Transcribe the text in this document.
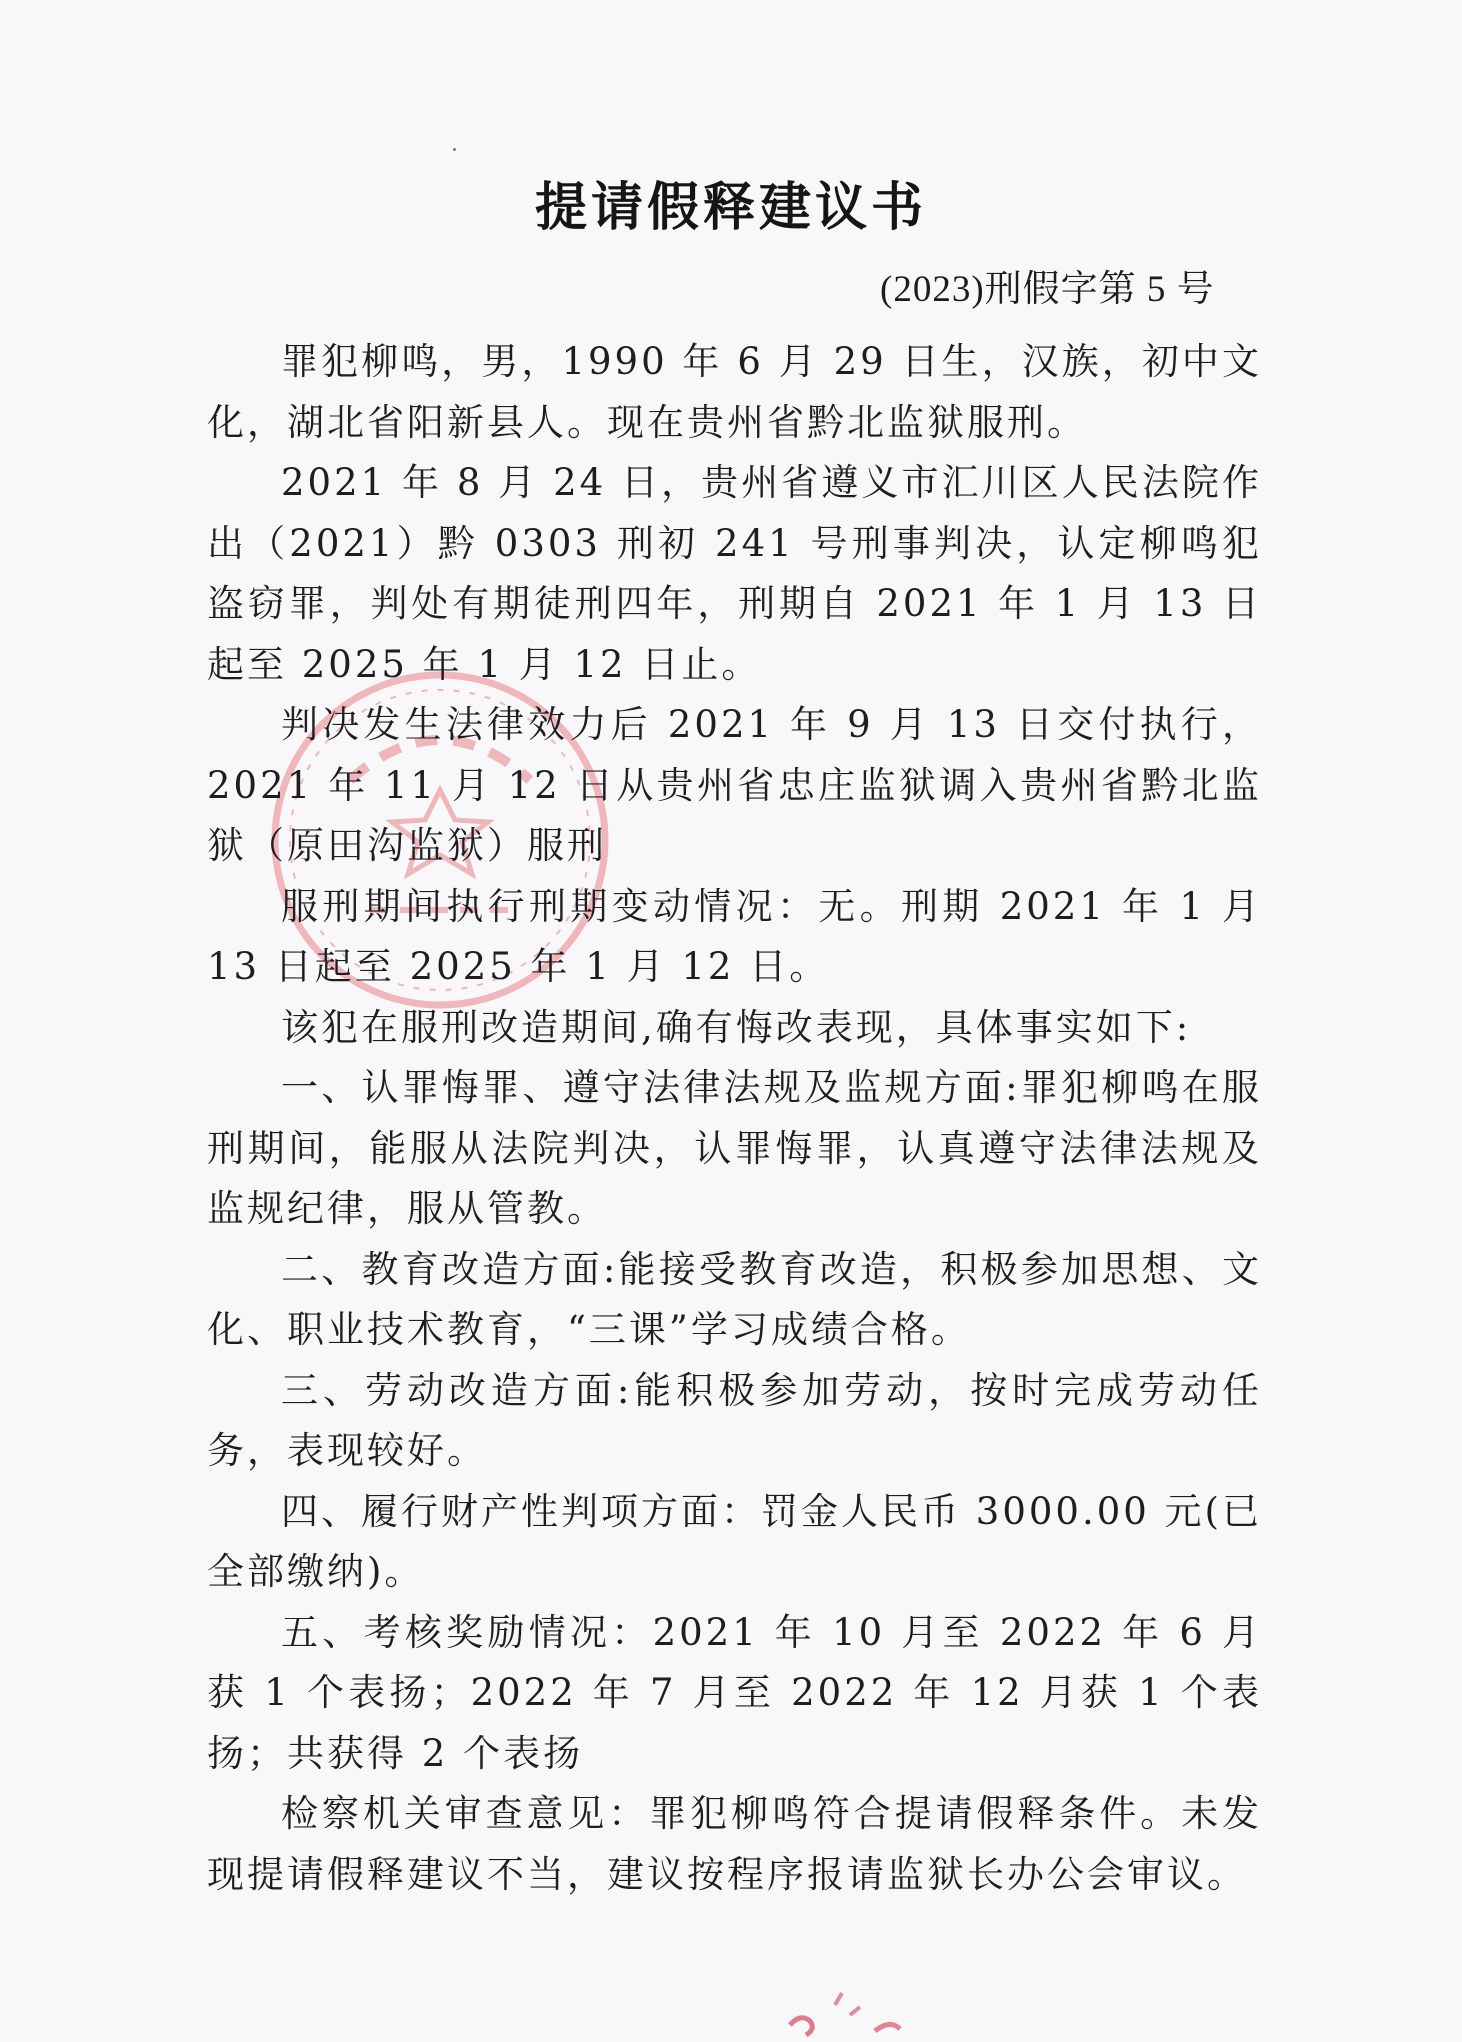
提请假释建议书
(2023)刑假字第 5 号

罪犯柳鸣，男，1990 年 6 月 29 日生，汉族，初中文化，湖北省阳新县人。现在贵州省黔北监狱服刑。

2021 年 8 月 24 日，贵州省遵义市汇川区人民法院作出（2021）黔 0303 刑初 241 号刑事判决，认定柳鸣犯盗窃罪，判处有期徒刑四年，刑期自 2021 年 1 月 13 日起至 2025 年 1 月 12 日止。

判决发生法律效力后 2021 年 9 月 13 日交付执行，2021 年 11 月 12 日从贵州省忠庄监狱调入贵州省黔北监狱（原田沟监狱）服刑

服刑期间执行刑期变动情况：无。刑期 2021 年 1 月 13 日起至 2025 年 1 月 12 日。

该犯在服刑改造期间,确有悔改表现，具体事实如下:

一、认罪悔罪、遵守法律法规及监规方面:罪犯柳鸣在服刑期间，能服从法院判决，认罪悔罪，认真遵守法律法规及监规纪律，服从管教。

二、教育改造方面:能接受教育改造，积极参加思想、文化、职业技术教育，“三课”学习成绩合格。

三、劳动改造方面:能积极参加劳动，按时完成劳动任务，表现较好。

四、履行财产性判项方面：罚金人民币 3000.00 元(已全部缴纳)。

五、考核奖励情况：2021 年 10 月至 2022 年 6 月获 1 个表扬；2022 年 7 月至 2022 年 12 月获 1 个表扬；共获得 2 个表扬

检察机关审查意见：罪犯柳鸣符合提请假释条件。未发现提请假释建议不当，建议按程序报请监狱长办公会审议。
